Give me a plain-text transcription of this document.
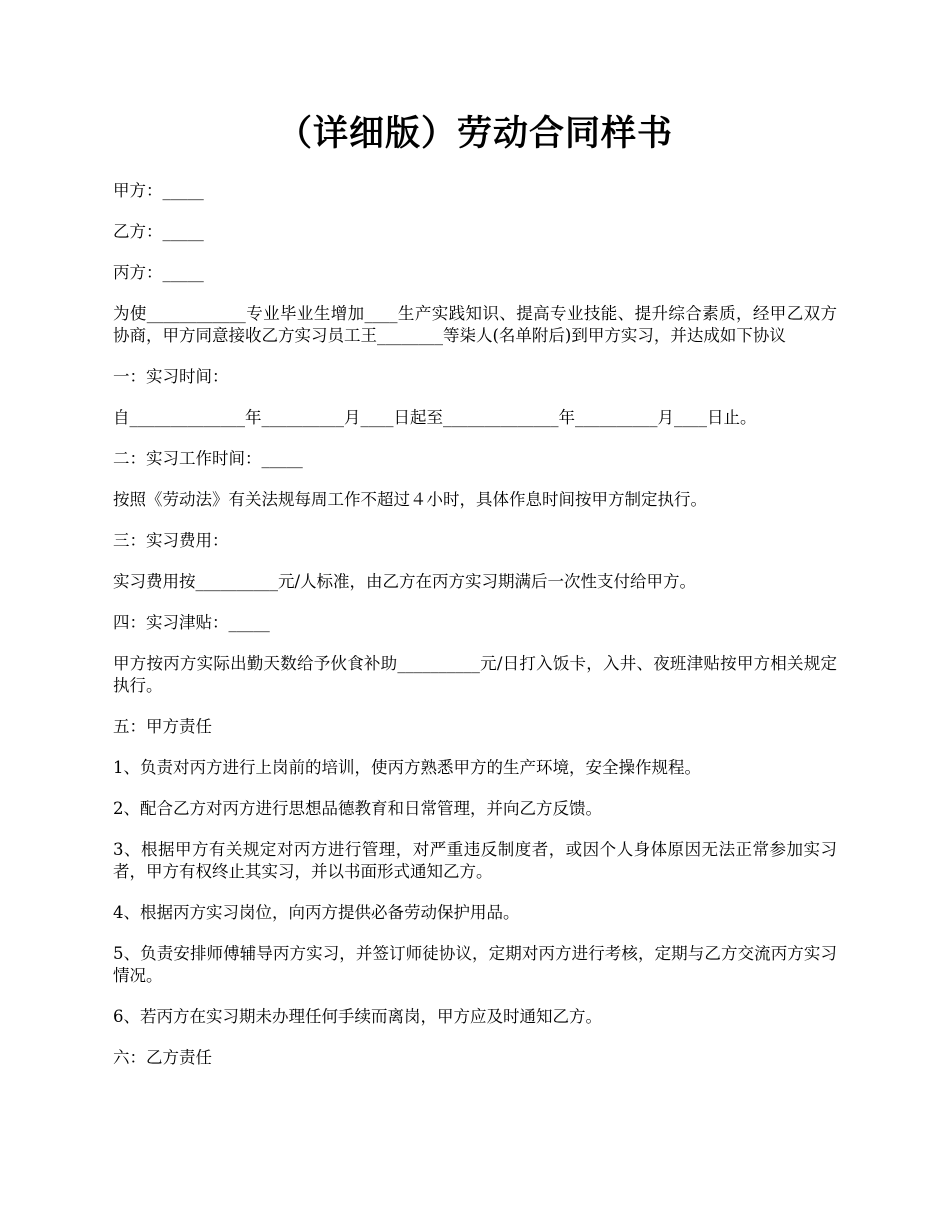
（详细版）劳动合同样书

甲方：_____

乙方：_____

丙方：_____

为使____________专业毕业生增加____生产实践知识、提高专业技能、提升综合素质，经甲乙双方协商，甲方同意接收乙方实习员工王________等柒人(名单附后)到甲方实习，并达成如下协议

一：实习时间：

自______________年__________月____日起至______________年__________月____日止。

二：实习工作时间：_____

按照《劳动法》有关法规每周工作不超过４小时，具体作息时间按甲方制定执行。

三：实习费用：

实习费用按__________元/人标准，由乙方在丙方实习期满后一次性支付给甲方。

四：实习津贴：_____

甲方按丙方实际出勤天数给予伙食补助__________元/日打入饭卡，入井、夜班津贴按甲方相关规定执行。

五：甲方责任

1、负责对丙方进行上岗前的培训，使丙方熟悉甲方的生产环境，安全操作规程。

2、配合乙方对丙方进行思想品德教育和日常管理，并向乙方反馈。

3、根据甲方有关规定对丙方进行管理，对严重违反制度者，或因个人身体原因无法正常参加实习者，甲方有权终止其实习，并以书面形式通知乙方。

4、根据丙方实习岗位，向丙方提供必备劳动保护用品。

5、负责安排师傅辅导丙方实习，并签订师徒协议，定期对丙方进行考核，定期与乙方交流丙方实习情况。

6、若丙方在实习期未办理任何手续而离岗，甲方应及时通知乙方。

六：乙方责任
